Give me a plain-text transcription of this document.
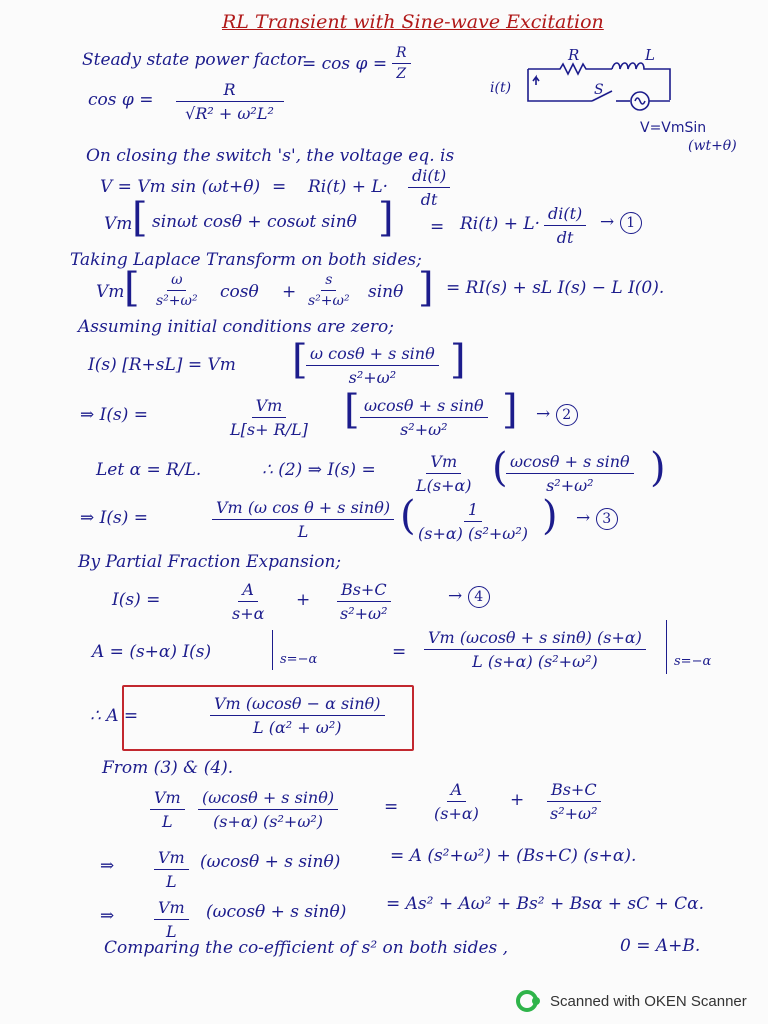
RL Transient with Sine-wave Excitation
R	L
i(t)	S
V=VmSin
(wt+θ)
Steady state power factor
= $\cos \varphi = \frac{R}{Z}$
$\cos \varphi = \frac{R}{\text{√R² + ω²L²}}$
On closing the switch 's', the voltage eq. is
V = Vm $\sin (\omega t+\theta) = Ri(t) + L\cdot \frac{di(t)}{dt}$
Vm [ sinωt cosθ + cosωt sinθ ] = $Ri(t) + L\cdot \frac{di(t)}{dt} \to 1$
Taking Laplace Transform on both sides;
Vm [ $\frac{\omega}{\text{s²+ω²}}$ $\cos\theta + \frac{s}{\text{s²+ω²}}$ sinθ ] = RI(s) + sL I(s) − L I(0).
Assuming initial conditions are zero;
I(s) [R+sL] = Vm [
$\frac{\text{ω cosθ + s sinθ}}{\text{s²+ω²}}$ ]
⇒ I(s) =	$\frac{Vm}{L[s+ R/L]}$ [ $\frac{\text{ωcosθ + s sinθ}}{\text{s²+ω²}}$ ] → 2
Let α = R/L.	∴ (2) ⇒ $I(s) = \frac{Vm}{L(s+\alpha)}$ (
$\frac{\text{ωcosθ + s sinθ}}{\text{s²+ω²}}$ )
⇒ I(s) =	$\frac{\text{Vm (ω cos θ + s sinθ)}}{L}$ (
$\frac{1}{\text{(s+α) (s²+ω²)}}$ ) → 3
By Partial Fraction Expansion;
I(s) =	$\frac{A}{s+\alpha} + \frac{Bs+C}{\text{s²+ω²}}$	→ 4
A = (s+α) I(s)	s=−α	= $\frac{\text{Vm (ωcosθ + s sinθ) (s+α)}}{\text{L (s+α) (s²+ω²)}} s=-\alpha$
∴ A =	$\frac{\text{Vm (ωcosθ − α sinθ)}}{\text{L (α² + ω²)}}$
From (3) & (4).
$\frac{Vm}{L} \frac{\text{(ωcosθ + s sinθ)}}{\text{(s+α) (s²+ω²)}}$	= $\frac{A}{(s+\alpha)} + \frac{Bs+C}{\text{s²+ω²}}$
⇒ $\frac{Vm}{L} (\omega\cos\theta + s$ sinθ)	= A (s²+ω²) + (Bs+C) (s+α).
⇒ $\frac{Vm}{L} (\omega\cos\theta + s$ sinθ) = As² + Aω² + Bs² + Bsα + sC + Cα.
Comparing the co-efficient of s² on both sides ,	0 = A+B.
Scanned with OKEN Scanner
